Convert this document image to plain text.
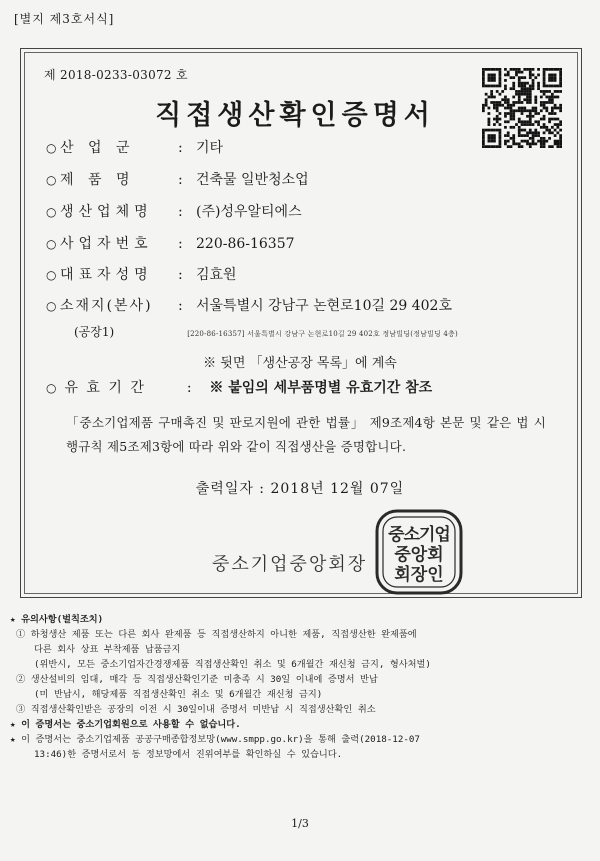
[별지 제3호서식]
제 2018-0233-03072 호
직접생산확인증명서
○ 산 업 군	: 기타
○ 제 품 명	: 건축물 일반청소업
○ 생산업체명 : (주)성우알티에스
○ 사업자번호 : 220-86-16357
○ 대표자성명 : 김효원
○ 소재지(본사) : 서울특별시 강남구 논현로10길 29 402호
(공장1)	[220-86-16357] 서울특별시 강남구 논현로10길 29 402호 정남빌딩(정남빌딩 4층)
※ 뒷면 「생산공장 목록」에 계속
○ 유 효 기 간	: ※ 붙임의 세부품명별 유효기간 참조
「중소기업제품 구매촉진 및 판로지원에 관한 법률」 제9조제4항 본문 및 같은 법 시행규칙 제5조제3항에 따라 위와 같이 직접생산을 증명합니다.
출력일자 : 2018년 12월 07일
중소기업중앙회장
중소기업
중앙회
회장인
★ 유의사항(벌칙조치)
① 하청생산 제품 또는 다른 회사 완제품 등 직접생산하지 아니한 제품, 직접생산한 완제품에
다른 회사 상표 부착제품 납품금지
(위반시, 모든 중소기업자간경쟁제품 직접생산확인 취소 및 6개월간 재신청 금지, 형사처벌)
② 생산설비의 임대, 매각 등 직접생산확인기준 미충족 시 30일 이내에 증명서 반납
(미 반납시, 해당제품 직접생산확인 취소 및 6개월간 재신청 금지)
③ 직접생산확인받은 공장의 이전 시 30일이내 증명서 미반납 시 직접생산확인 취소
★ 이 증명서는 중소기업회원으로 사용할 수 없습니다.
★ 이 증명서는 중소기업제품 공공구매종합정보망(www.smpp.go.kr)을 통해 출력(2018-12-07
13:46)한 증명서로서 동 정보망에서 진위여부를 확인하실 수 있습니다.
1/3
